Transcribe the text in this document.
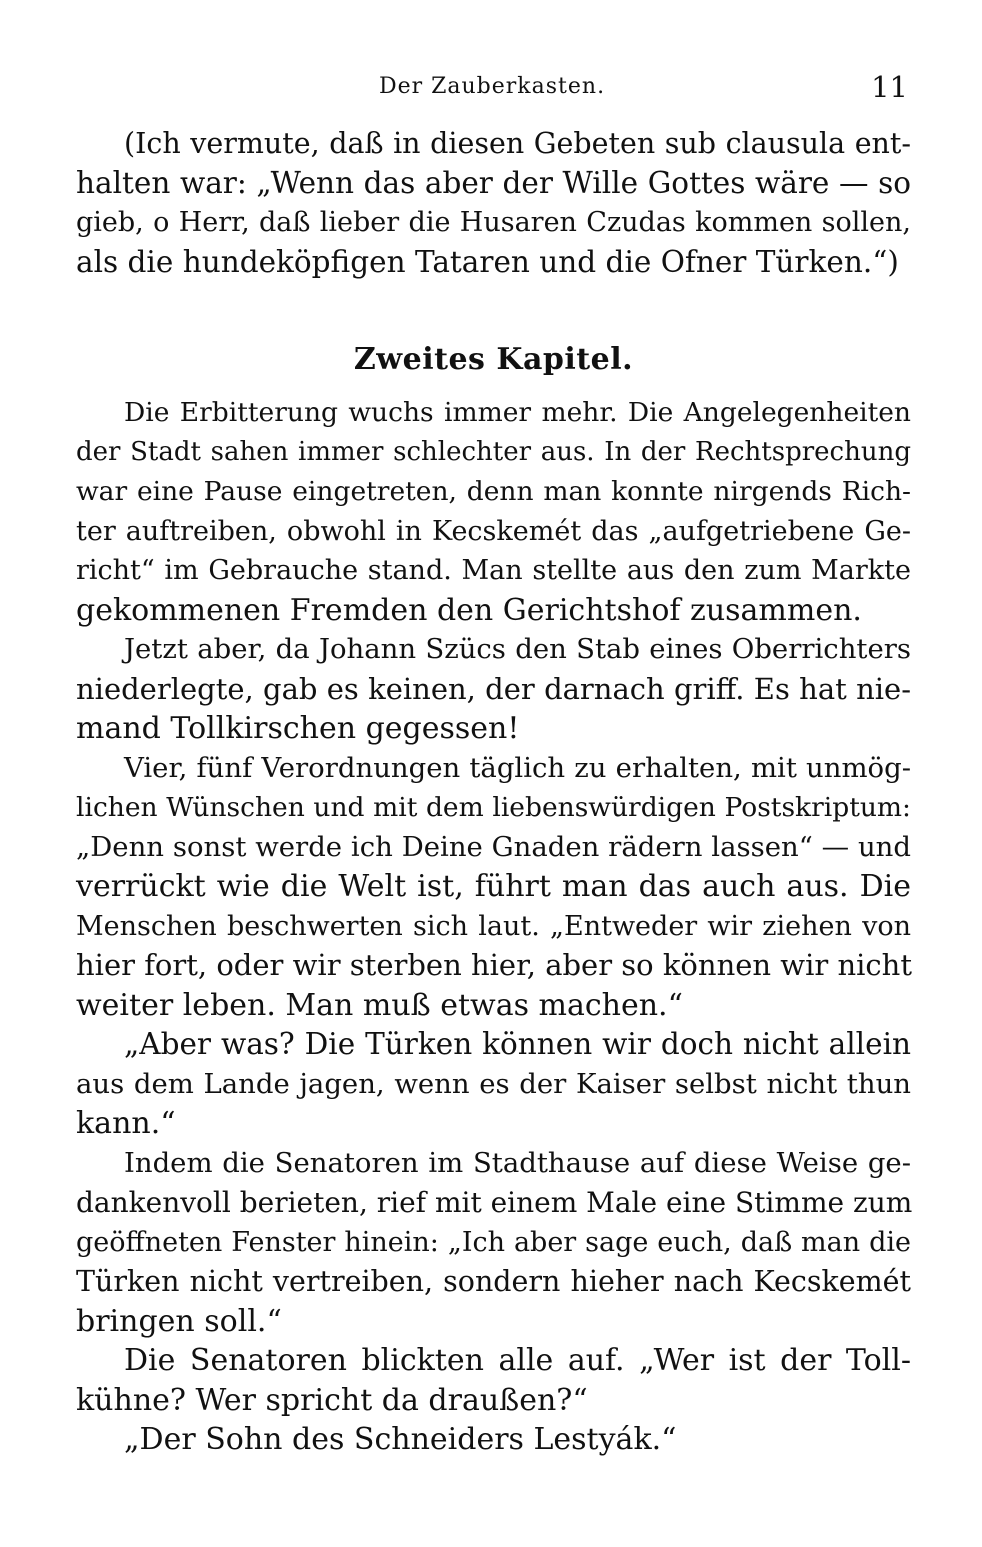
Der Zauberkasten.	11
(Ich vermute, daß in diesen Gebeten sub clausula ent-
halten war: „Wenn das aber der Wille Gottes wäre — so
gieb, o Herr, daß lieber die Husaren Czudas kommen sollen,
als die hundeköpfigen Tataren und die Ofner Türken.“)
Zweites Kapitel.
Die Erbitterung wuchs immer mehr. Die Angelegenheiten
der Stadt sahen immer schlechter aus. In der Rechtsprechung
war eine Pause eingetreten, denn man konnte nirgends Rich-
ter auftreiben, obwohl in Kecskemét das „aufgetriebene Ge-
richt“ im Gebrauche stand. Man stellte aus den zum Markte
gekommenen Fremden den Gerichtshof zusammen.
Jetzt aber, da Johann Szücs den Stab eines Oberrichters
niederlegte, gab es keinen, der darnach griff. Es hat nie-
mand Tollkirschen gegessen!
Vier, fünf Verordnungen täglich zu erhalten, mit unmög-
lichen Wünschen und mit dem liebenswürdigen Postskriptum:
„Denn sonst werde ich Deine Gnaden rädern lassen“ — und
verrückt wie die Welt ist, führt man das auch aus. Die
Menschen beschwerten sich laut. „Entweder wir ziehen von
hier fort, oder wir sterben hier, aber so können wir nicht
weiter leben. Man muß etwas machen.“
„Aber was? Die Türken können wir doch nicht allein
aus dem Lande jagen, wenn es der Kaiser selbst nicht thun
kann.“
Indem die Senatoren im Stadthause auf diese Weise ge-
dankenvoll berieten, rief mit einem Male eine Stimme zum
geöffneten Fenster hinein: „Ich aber sage euch, daß man die
Türken nicht vertreiben, sondern hieher nach Kecskemét
bringen soll.“
Die Senatoren blickten alle auf. „Wer ist der Toll-
kühne? Wer spricht da draußen?“
„Der Sohn des Schneiders Lestyák.“
